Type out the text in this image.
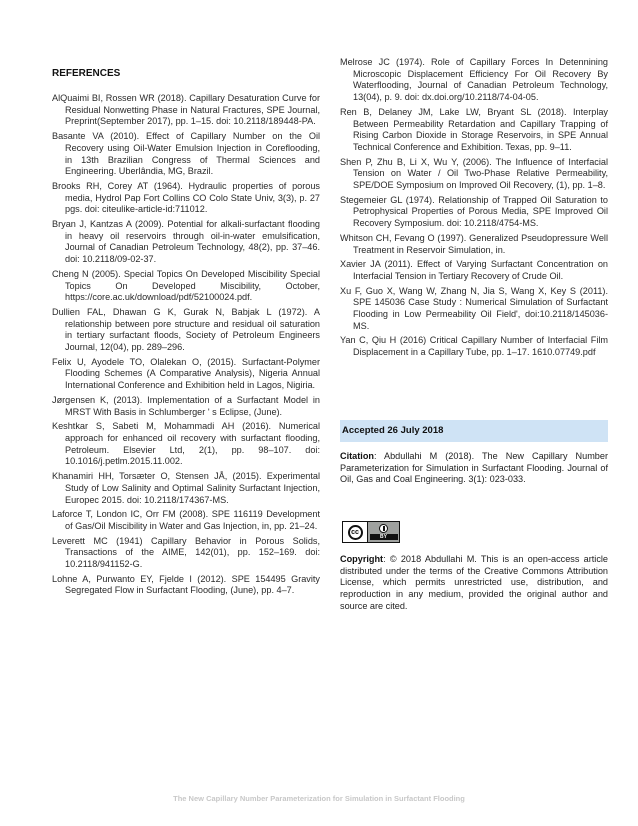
REFERENCES

AlQuaimi BI, Rossen WR (2018). Capillary Desaturation Curve for Residual Nonwetting Phase in Natural Fractures, SPE Journal, Preprint(September 2017), pp. 1–15. doi: 10.2118/189448-PA.

Basante VA (2010). Effect of Capillary Number on the Oil Recovery using Oil-Water Emulsion Injection in Coreflooding, in 13th Brazilian Congress of Thermal Sciences and Engineering. Uberlândia, MG, Brazil.

Brooks RH, Corey AT (1964). Hydraulic properties of porous media, Hydrol Pap Fort Collins CO Colo State Univ, 3(3), p. 27 pgs. doi: citeulike-article-id:711012.

Bryan J, Kantzas A (2009). Potential for alkali-surfactant flooding in heavy oil reservoirs through oil-in-water emulsification, Journal of Canadian Petroleum Technology, 48(2), pp. 37–46. doi: 10.2118/09-02-37.

Cheng N (2005). Special Topics On Developed Miscibility Special Topics On Developed Miscibility, October, https://core.ac.uk/download/pdf/52100024.pdf.

Dullien FAL, Dhawan G K, Gurak N, Babjak L (1972). A relationship between pore structure and residual oil saturation in tertiary surfactant floods, Society of Petroleum Engineers Journal, 12(04), pp. 289–296.

Felix U, Ayodele TO, Olalekan O, (2015). Surfactant-Polymer Flooding Schemes (A Comparative Analysis), Nigeria Annual International Conference and Exhibition held in Lagos, Nigiria.

Jørgensen K, (2013). Implementation of a Surfactant Model in MRST With Basis in Schlumberger ' s Eclipse, (June).

Keshtkar S, Sabeti M, Mohammadi AH (2016). Numerical approach for enhanced oil recovery with surfactant flooding, Petroleum. Elsevier Ltd, 2(1), pp. 98–107. doi: 10.1016/j.petlm.2015.11.002.

Khanamiri HH, Torsæter O, Stensen JÅ, (2015). Experimental Study of Low Salinity and Optimal Salinity Surfactant Injection, Europec 2015. doi: 10.2118/174367-MS.

Laforce T, London IC, Orr FM (2008). SPE 116119 Development of Gas/Oil Miscibility in Water and Gas Injection, in, pp. 21–24.

Leverett MC (1941) Capillary Behavior in Porous Solids, Transactions of the AIME, 142(01), pp. 152–169. doi: 10.2118/941152-G.

Lohne A, Purwanto EY, Fjelde I (2012). SPE 154495 Gravity Segregated Flow in Surfactant Flooding, (June), pp. 4–7.

Melrose JC (1974). Role of Capillary Forces In Detennining Microscopic Displacement Efficiency For Oil Recovery By Waterflooding, Journal of Canadian Petroleum Technology, 13(04), p. 9. doi: dx.doi.org/10.2118/74-04-05.

Ren B, Delaney JM, Lake LW, Bryant SL (2018). Interplay Between Permeability Retardation and Capillary Trapping of Rising Carbon Dioxide in Storage Reservoirs, in SPE Annual Technical Conference and Exhibition. Texas, pp. 9–11.

Shen P, Zhu B, Li X, Wu Y, (2006). The Influence of Interfacial Tension on Water / Oil Two-Phase Relative Permeability, SPE/DOE Symposium on Improved Oil Recovery, (1), pp. 1–8.

Stegemeier GL (1974). Relationship of Trapped Oil Saturation to Petrophysical Properties of Porous Media, SPE Improved Oil Recovery Symposium. doi: 10.2118/4754-MS.

Whitson CH, Fevang O (1997). Generalized Pseudopressure Well Treatment in Reservoir Simulation, in.

Xavier JA (2011). Effect of Varying Surfactant Concentration on Interfacial Tension in Tertiary Recovery of Crude Oil.

Xu F, Guo X, Wang W, Zhang N, Jia S, Wang X, Key S (2011). SPE 145036 Case Study : Numerical Simulation of Surfactant Flooding in Low Permeability Oil Field', doi:10.2118/145036-MS.

Yan C, Qiu H (2016) Critical Capillary Number of Interfacial Film Displacement in a Capillary Tube, pp. 1–17. 1610.07749.pdf

Accepted 26 July 2018

Citation: Abdullahi M (2018). The New Capillary Number Parameterization for Simulation in Surfactant Flooding. Journal of Oil, Gas and Coal Engineering. 3(1): 023-033.

cc
BY

Copyright: © 2018 Abdullahi M. This is an open-access article distributed under the terms of the Creative Commons Attribution License, which permits unrestricted use, distribution, and reproduction in any medium, provided the original author and source are cited.

The New Capillary Number Parameterization for Simulation in Surfactant Flooding
